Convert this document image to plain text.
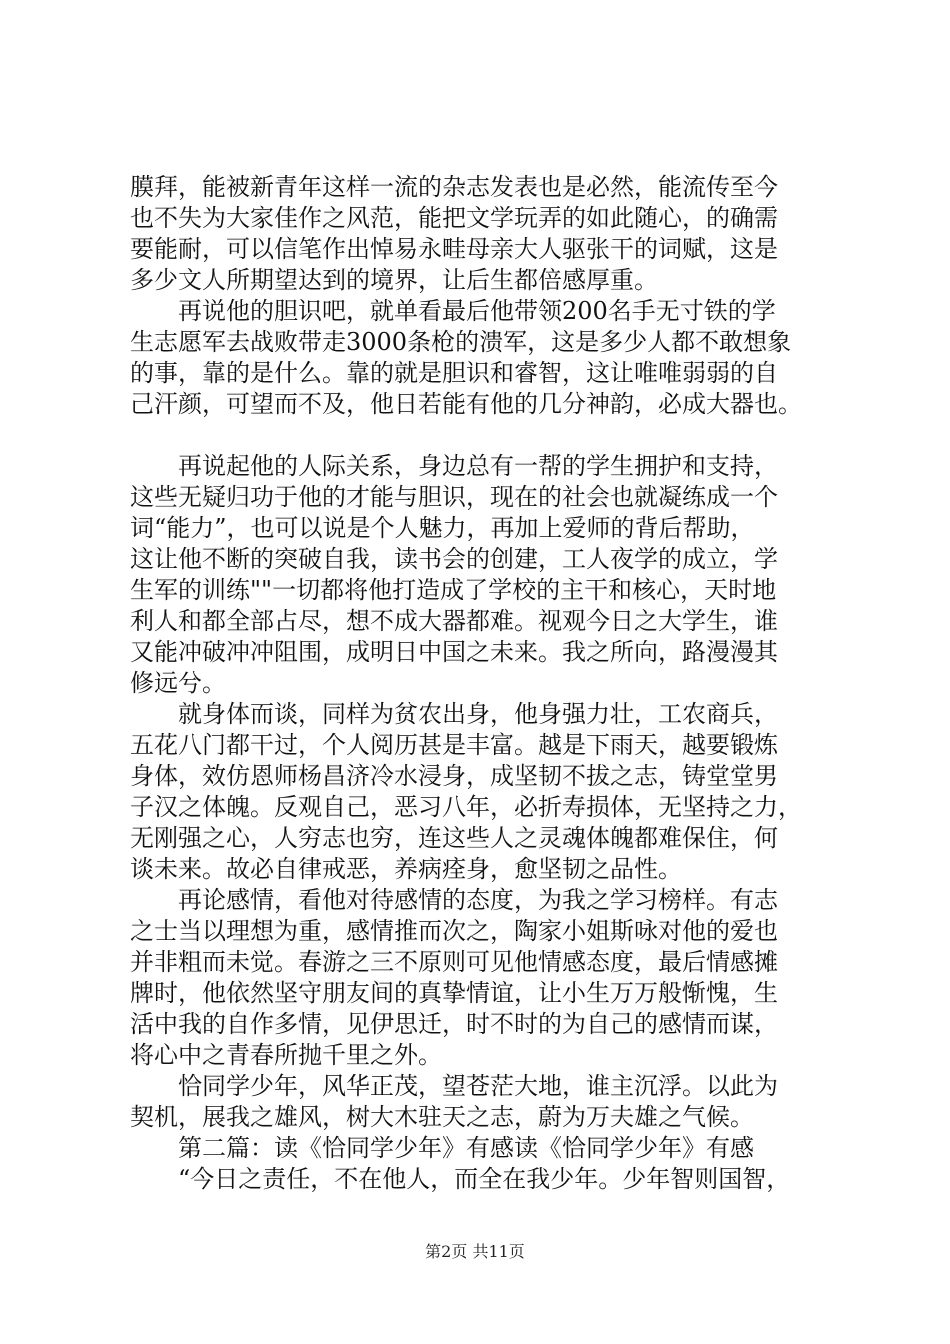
膜拜，能被新青年这样一流的杂志发表也是必然，能流传至今
也不失为大家佳作之风范，能把文学玩弄的如此随心，的确需
要能耐，可以信笔作出悼易永畦母亲大人驱张干的词赋，这是
多少文人所期望达到的境界，让后生都倍感厚重。
　　再说他的胆识吧，就单看最后他带领200名手无寸铁的学
生志愿军去战败带走3000条枪的溃军，这是多少人都不敢想象
的事，靠的是什么。靠的就是胆识和睿智，这让唯唯弱弱的自
己汗颜，可望而不及，他日若能有他的几分神韵，必成大器也。
　　再说起他的人际关系，身边总有一帮的学生拥护和支持，
这些无疑归功于他的才能与胆识，现在的社会也就凝练成一个
词“能力”，也可以说是个人魅力，再加上爱师的背后帮助，
这让他不断的突破自我，读书会的创建，工人夜学的成立，学
生军的训练""一切都将他打造成了学校的主干和核心，天时地
利人和都全部占尽，想不成大器都难。视观今日之大学生，谁
又能冲破冲冲阻围，成明日中国之未来。我之所向，路漫漫其
修远兮。
　　就身体而谈，同样为贫农出身，他身强力壮，工农商兵，
五花八门都干过，个人阅历甚是丰富。越是下雨天，越要锻炼
身体，效仿恩师杨昌济冷水浸身，成坚韧不拔之志，铸堂堂男
子汉之体魄。反观自己，恶习八年，必折寿损体，无坚持之力，
无刚强之心，人穷志也穷，连这些人之灵魂体魄都难保住，何
谈未来。故必自律戒恶，养病痊身，愈坚韧之品性。
　　再论感情，看他对待感情的态度，为我之学习榜样。有志
之士当以理想为重，感情推而次之，陶家小姐斯咏对他的爱也
并非粗而未觉。春游之三不原则可见他情感态度，最后情感摊
牌时，他依然坚守朋友间的真挚情谊，让小生万万般惭愧，生
活中我的自作多情，见伊思迁，时不时的为自己的感情而谋，
将心中之青春所抛千里之外。
　　恰同学少年，风华正茂，望苍茫大地，谁主沉浮。以此为
契机，展我之雄风，树大木驻天之志，蔚为万夫雄之气候。
　　第二篇：读《恰同学少年》有感读《恰同学少年》有感
　　“今日之责任，不在他人，而全在我少年。少年智则国智，
第2页 共11页
